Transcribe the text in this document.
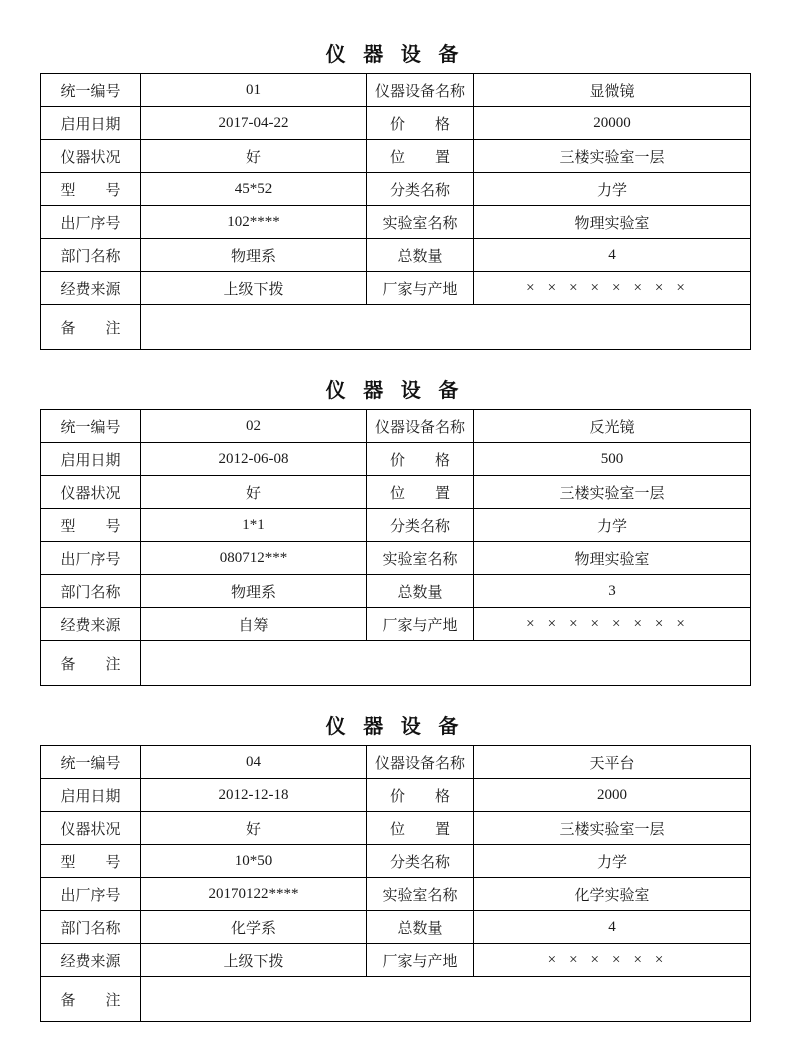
仪 器 设 备
统一编号	01	仪器设备名称	显微镜
启用日期	2017-04-22	价　　格	20000
仪器状况	好	位　　置	三楼实验室一层
型　　号	45*52	分类名称	力学
出厂序号	102****	实验室名称	物理实验室
部门名称	物理系	总数量	4
经费来源	上级下拨	厂家与产地	××××××××
备　　注			
仪 器 设 备
统一编号	02	仪器设备名称	反光镜
启用日期	2012-06-08	价　　格	500
仪器状况	好	位　　置	三楼实验室一层
型　　号	1*1	分类名称	力学
出厂序号	080712***	实验室名称	物理实验室
部门名称	物理系	总数量	3
经费来源	自筹	厂家与产地	××××××××
备　　注			
仪 器 设 备
统一编号	04	仪器设备名称	天平台
启用日期	2012-12-18	价　　格	2000
仪器状况	好	位　　置	三楼实验室一层
型　　号	10*50	分类名称	力学
出厂序号	20170122****	实验室名称	化学实验室
部门名称	化学系	总数量	4
经费来源	上级下拨	厂家与产地	××××××
备　　注			
